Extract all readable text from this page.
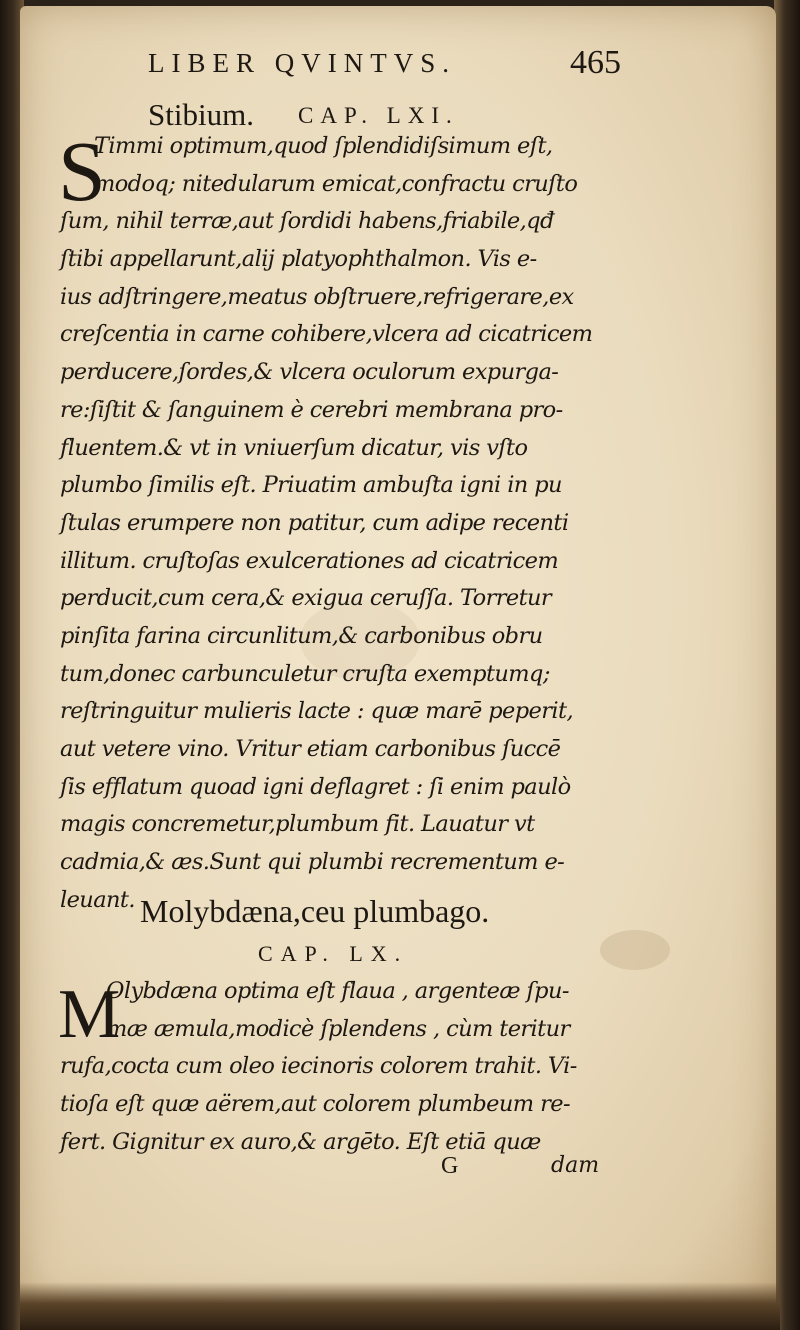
LIBER QVINTVS.	465
Stibium. CAP. LXI.
S
Timmi optimum,quod ſplendidiſsimum eſt,
modoq; nitedularum emicat,confractu cruſto
ſum, nihil terræ,aut ſordidi habens,friabile,qđ
ſtibi appellarunt,alij platyophthalmon. Vis e-
ius adſtringere,meatus obſtruere,refrigerare,ex
creſcentia in carne cohibere,vlcera ad cicatricem
perducere,ſordes,& vlcera oculorum expurga-
re:ſiſtit & ſanguinem è cerebri membrana pro-
fluentem.& vt in vniuerſum dicatur, vis vſto
plumbo ſimilis eſt. Priuatim ambuſta igni in pu
ſtulas erumpere non patitur, cum adipe recenti
illitum. cruſtoſas exulcerationes ad cicatricem
perducit,cum cera,& exigua ceruſſa. Torretur
pinſita farina circunlitum,& carbonibus obru
tum,donec carbunculetur cruſta exemptumq;
reſtringuitur mulieris lacte : quæ marē peperit,
aut vetere vino. Vritur etiam carbonibus ſuccē
ſis efflatum quoad igni deflagret : ſi enim paulò
magis concremetur,plumbum fit. Lauatur vt
cadmia,& æs.Sunt qui plumbi recrementum e-
leuant. Molybdæna,ceu plumbago.
CAP. LX.
M
Olybdæna optima eſt flaua , argenteæ ſpu-
mæ æmula,modicè ſplendens , cùm teritur
rufa,cocta cum oleo iecinoris colorem trahit. Vi-
tioſa eſt quæ aërem,aut colorem plumbeum re-
fert. Gignitur ex auro,& argēto. Eſt etiā quæ
G	dam
